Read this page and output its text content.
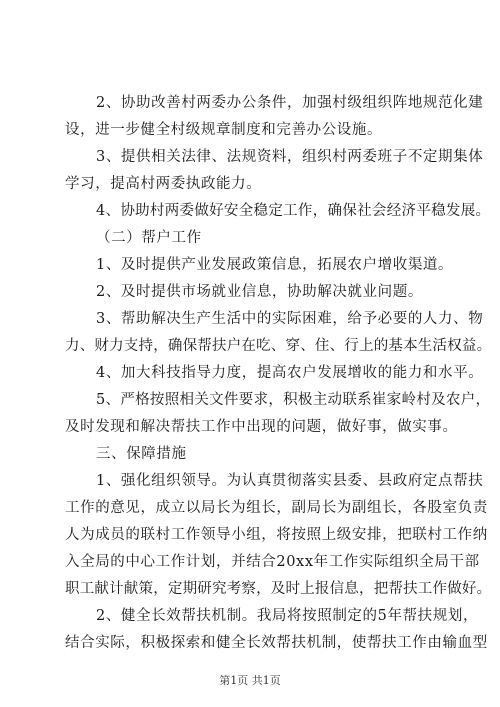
2、协助改善村两委办公条件，加强村级组织阵地规范化建
设，进一步健全村级规章制度和完善办公设施。
3、提供相关法律、法规资料，组织村两委班子不定期集体
学习，提高村两委执政能力。
4、协助村两委做好安全稳定工作，确保社会经济平稳发展。
（二）帮户工作
1、及时提供产业发展政策信息，拓展农户增收渠道。
2、及时提供市场就业信息，协助解决就业问题。
3、帮助解决生产生活中的实际困难，给予必要的人力、物
力、财力支持，确保帮扶户在吃、穿、住、行上的基本生活权益。
4、加大科技指导力度，提高农户发展增收的能力和水平。
5、严格按照相关文件要求，积极主动联系崔家岭村及农户，
及时发现和解决帮扶工作中出现的问题，做好事，做实事。
三、保障措施
1、强化组织领导。为认真贯彻落实县委、县政府定点帮扶
工作的意见，成立以局长为组长，副局长为副组长，各股室负责
人为成员的联村工作领导小组，将按照上级安排，把联村工作纳
入全局的中心工作计划，并结合20xx年工作实际组织全局干部
职工献计献策，定期研究考察，及时上报信息，把帮扶工作做好。
2、健全长效帮扶机制。我局将按照制定的5年帮扶规划，
结合实际，积极探索和健全长效帮扶机制，使帮扶工作由输血型
第1页 共1页
